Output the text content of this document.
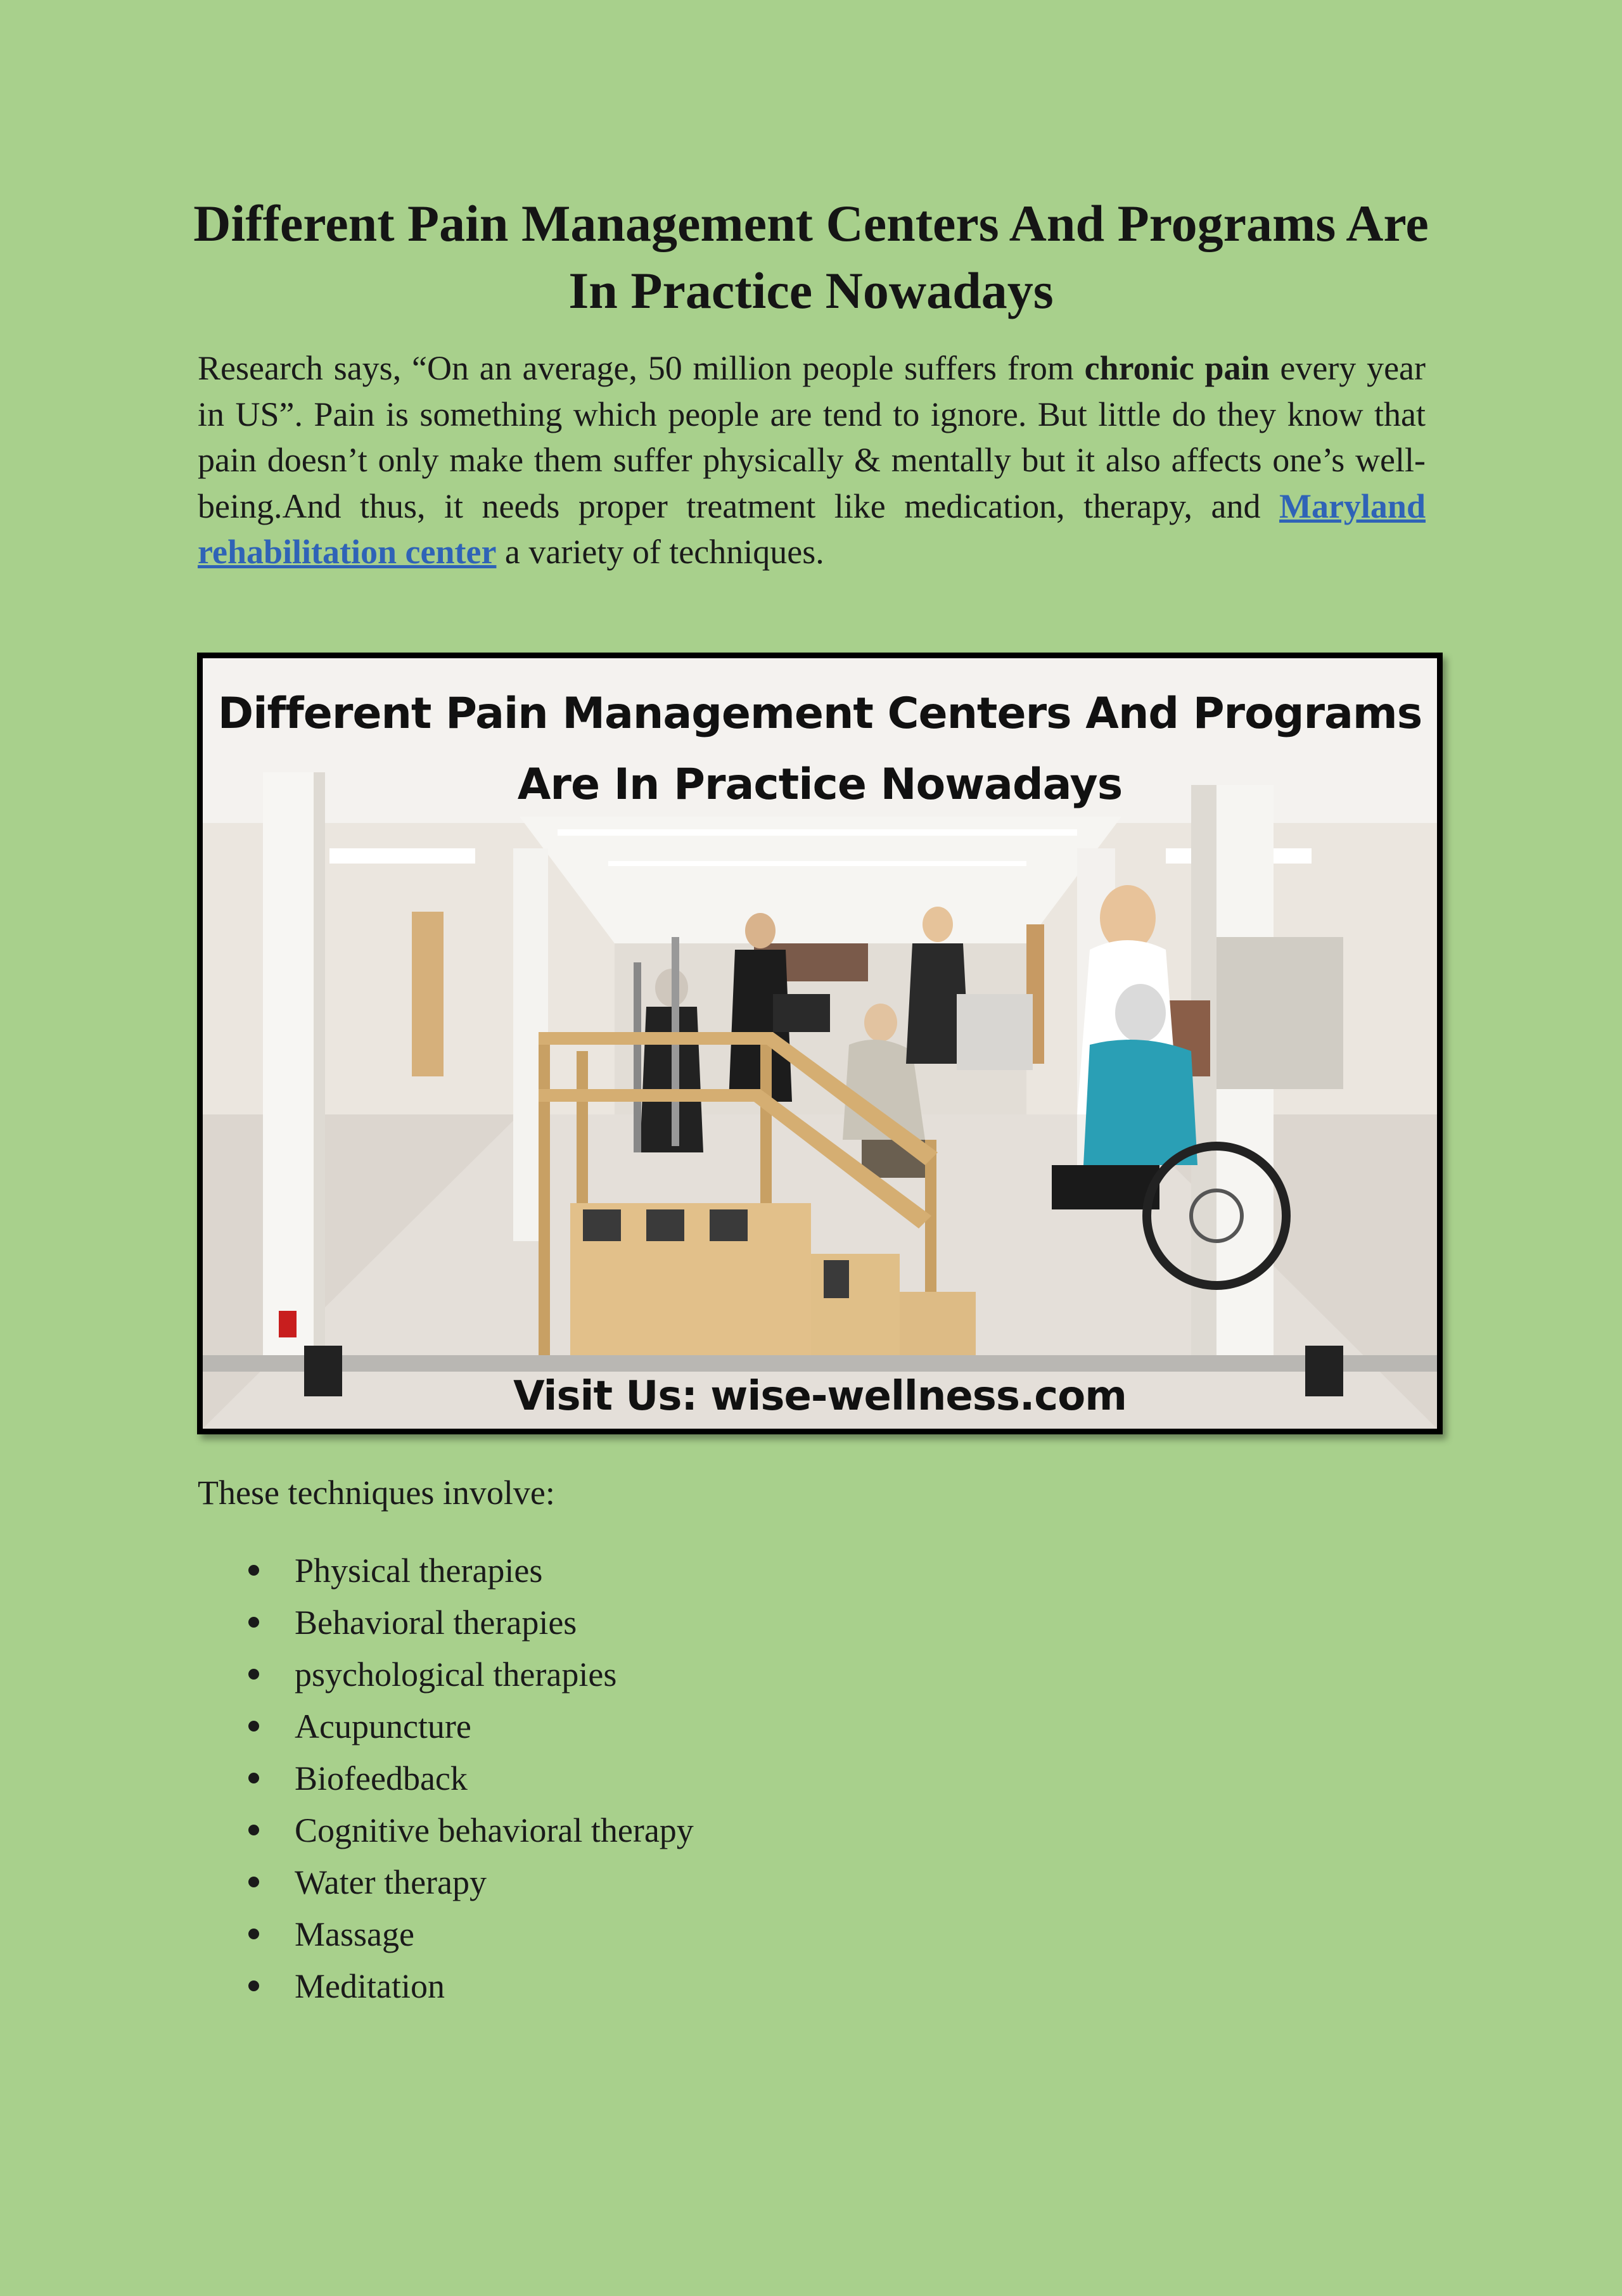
Different Pain Management Centers And Programs Are In Practice Nowadays

Research says, “On an average, 50 million people suffers from chronic pain every year in US”. Pain is something which people are tend to ignore. But little do they know that pain doesn’t only make them suffer physically & mentally but it also affects one’s well-being.And thus, it needs proper treatment like medication, therapy, and Maryland rehabilitation center a variety of techniques.

Different Pain Management Centers And Programs Are In Practice Nowadays
Visit Us: wise-wellness.com

These techniques involve:

Physical therapies
Behavioral therapies
psychological therapies
Acupuncture
Biofeedback
Cognitive behavioral therapy
Water therapy
Massage
Meditation
